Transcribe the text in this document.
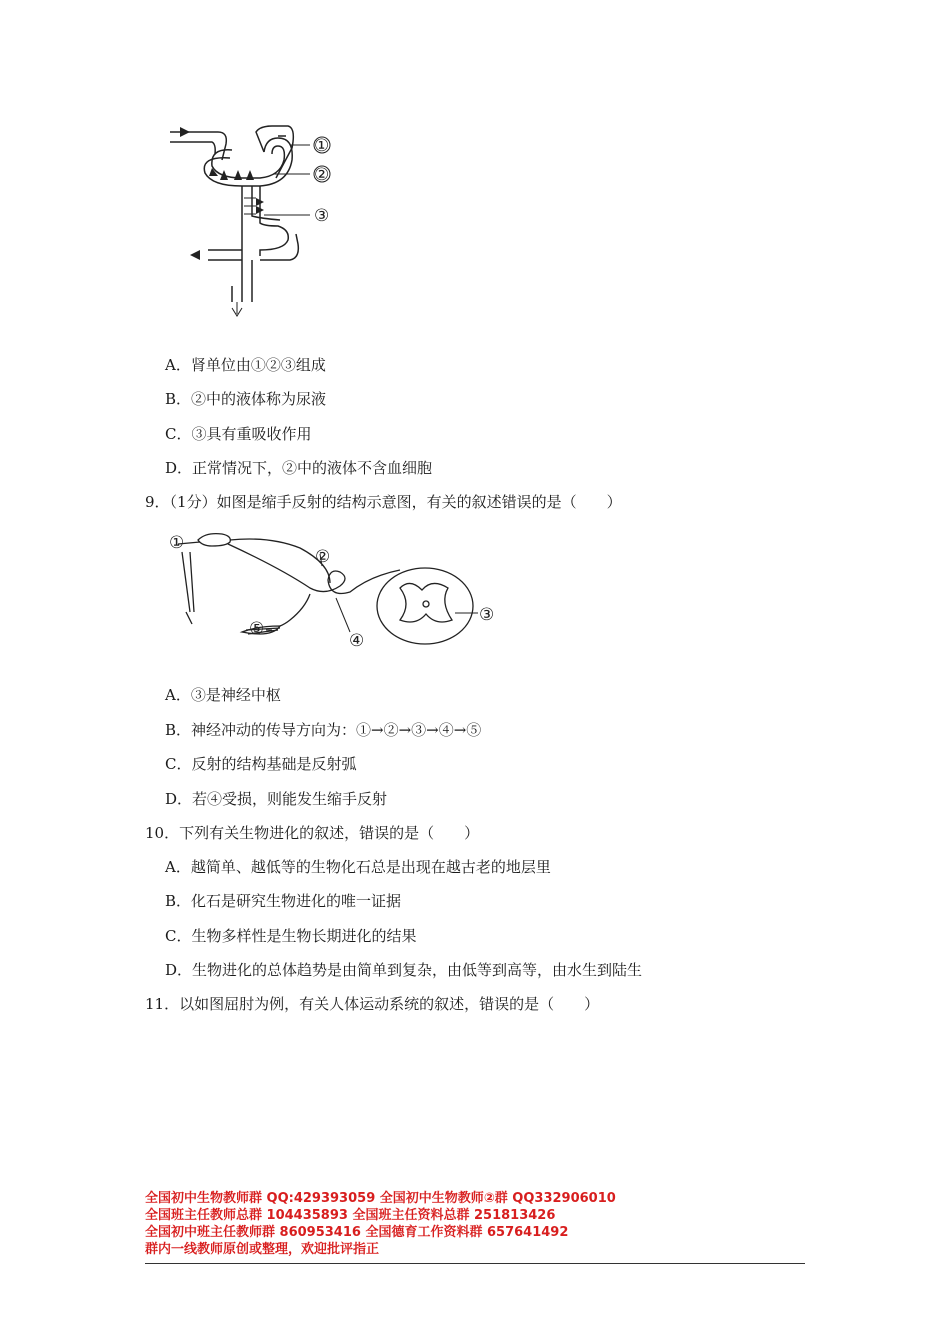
①
②
③
A．肾单位由①②③组成
B．②中的液体称为尿液
C．③具有重吸收作用
D．正常情况下，②中的液体不含血细胞
9．（1分）如图是缩手反射的结构示意图，有关的叙述错误的是（　　）
①
②
③
④
⑤
A．③是神经中枢
B．神经冲动的传导方向为：①→②→③→④→⑤
C．反射的结构基础是反射弧
D．若④受损，则能发生缩手反射
10．下列有关生物进化的叙述，错误的是（　　）
A．越简单、越低等的生物化石总是出现在越古老的地层里
B．化石是研究生物进化的唯一证据
C．生物多样性是生物长期进化的结果
D．生物进化的总体趋势是由简单到复杂，由低等到高等，由水生到陆生
11．以如图屈肘为例，有关人体运动系统的叙述，错误的是（　　）
全国初中生物教师群 QQ:429393059 全国初中生物教师②群 QQ332906010
全国班主任教师总群 104435893 全国班主任资料总群 251813426
全国初中班主任教师群 860953416 全国德育工作资料群 657641492
群内一线教师原创或整理，欢迎批评指正
